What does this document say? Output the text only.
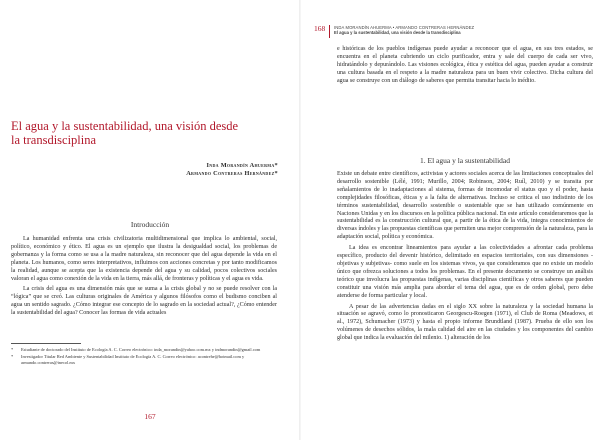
El agua y la sustentabilidad, una visión desde la transdisciplina
Inda Morandín Ahuerma*
Armando Contreras Hernández*
Introducción

La humanidad enfrenta una crisis civilizatoria multidimensional que implica lo ambiental, social, político, económico y ético. El agua es un ejemplo que ilustra la desigualdad social, los problemas de gobernanza y la forma como se usa a la madre naturaleza, sin reconocer que del agua depende la vida en el planeta. Los humanos, como seres interpretativos, influimos con acciones concretas y por tanto modificamos la realidad, aunque se acepta que la existencia depende del agua y su calidad, pocos colectivos sociales valoran el agua como conexión de la vida en la tierra, más allá, de fronteras y políticas y el agua es vida.

La crisis del agua es una dimensión más que se suma a la crisis global y no se puede resolver con la “lógica” que se creó. Las culturas originales de América y algunos filósofos como el budismo conciben al agua un sentido sagrado. ¿Cómo integrar ese concepto de lo sagrado en la sociedad actual?, ¿Cómo entender la sustentabilidad del agua? Conocer las formas de vida actuales

*	Estudiante de doctorado del Instituto de Ecología A. C. Correo electrónico: inda_morandin@yahoo.com.mx y indmorandin@gmail.com
*	Investigador Titular Red Ambiente y Sustentabilidad Instituto de Ecología A. C. Correo electrónico: acontrehe@hotmail.com y armando.contreras@inecol.mx
167
168 INDA MORANDÍN AHUERMA • ARMANDO CONTRERAS HERNÁNDEZ
El agua y la sustentabilidad, una visión desde la transdisciplina

e históricas de los pueblos indígenas puede ayudar a reconocer que el agua, en sus tres estados, se encuentra en el planeta cubriendo un ciclo purificador, entra y sale del cuerpo de cada ser vivo, hidratándolo y depurándolo. Las visiones ecológica, ética y estética del agua, pueden ayudar a construir una cultura basada en el respeto a la madre naturaleza para un buen vivir colectivo. Dicha cultura del agua se construye con un diálogo de saberes que permita transitar hacia lo inédito.

1. El agua y la sustentabilidad

Existe un debate entre científicos, activistas y actores sociales acerca de las limitaciones conceptuales del desarrollo sostenible (Lélé, 1991; Murillo, 2004; Robinson, 2004; Ruíl, 2010) y se transita por señalamientos de lo inadaptaciones al sistema, formas de incomodar el status quo y el poder, hasta complejidades filosóficas, éticas y a la falta de alternativas. Incluso se critica el uso indistinto de los términos sustentabilidad, desarrollo sostenible o sustentable que se han utilizado comúnmente en Naciones Unidas y en los discursos en la política pública nacional. En este artículo consideraremos que la sustentabilidad es la construcción cultural que, a partir de la ética de la vida, integra conocimientos de diversas índoles y las propuestas científicas que permiten una mejor comprensión de la naturaleza, para la adaptación social, política y económica.

La idea es encontrar lineamientos para ayudar a las colectividades a afrontar cada problema específico, producto del devenir histórico, delimitado en espacios territoriales, con sus dimensiones -objetivas y subjetivas- como suele en los sistemas vivos, ya que consideramos que no existe un modelo único que ofrezca soluciones a todos los problemas. En el presente documento se construye un análisis teórico que involucra las propuestas indígenas, varias disciplinas científicas y otros saberes que pueden constituir una visión más amplia para abordar el tema del agua, que es de orden global, pero debe atenderse de forma particular y local.

A pesar de las advertencias dadas en el siglo XX sobre la naturaleza y la sociedad humana la situación se agravó, como lo pronosticaron Georgescu-Roegen (1971), el Club de Roma (Meadows, et al., 1972), Schumacher (1973) y hasta el propio informe Brundtland (1987). Prueba de ello son los volúmenes de desechos sólidos, la mala calidad del aire en las ciudades y los componentes del cambio global que indica la evaluación del milenio. 1) alteración de los
